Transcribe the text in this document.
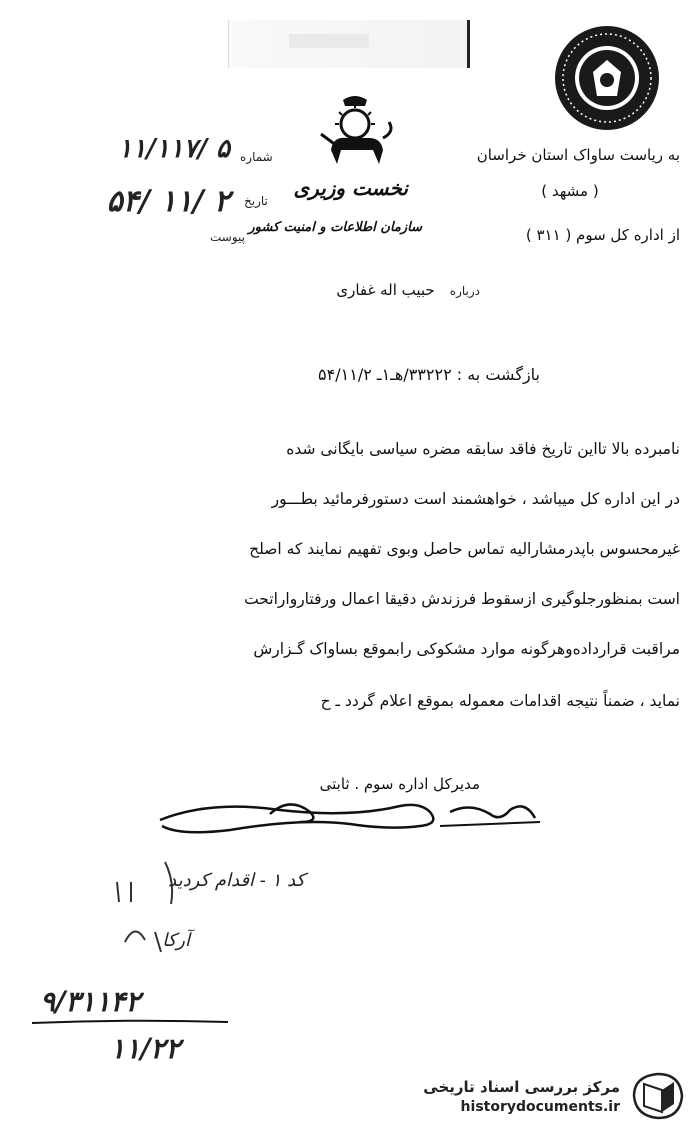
نخست وزیری
سازمان اطلاعات و امنیت کشور
شماره
۱۱/۱۱۷/ ۵
تاریخ
۵۴/ ۱۱/ ۲
پیوست
به ریاست ساواک استان خراسان
( مشهد )
از اداره کل سوم ( ۳۱۱ )
درباره حبیب اله غفاری
بازگشت به : ۳۳۲۲۲/هـ۱ـ ۵۴/۱۱/۲
نامبرده بالا تااین تاریخ فاقد سابقه مضره سیاسی بایگانی شده
در این اداره کل میباشد ، خواهشمند است دستورفرمائید بطـــور
غیرمحسوس باپدرمشارالیه تماس حاصل وبوی تفهیم نمایند که اصلح
است بمنظورجلوگیری ازسقوط فرزندش دقیقا اعمال ورفتارواراتحت
مراقبت قراردادەوهرگونه موارد مشکوکی رابموقع بساواک گـزارش
نماید ، ضمناً نتیجه اقدامات معموله بموقع اعلام گردد ـ ح
مدیرکل اداره سوم . ثابتی
کد ۱ - اقدام کردید
آرکا
۹/۳۱۱۴۲
۱۱/۲۲
مرکز بررسی اسناد تاریخی
historydocuments.ir
